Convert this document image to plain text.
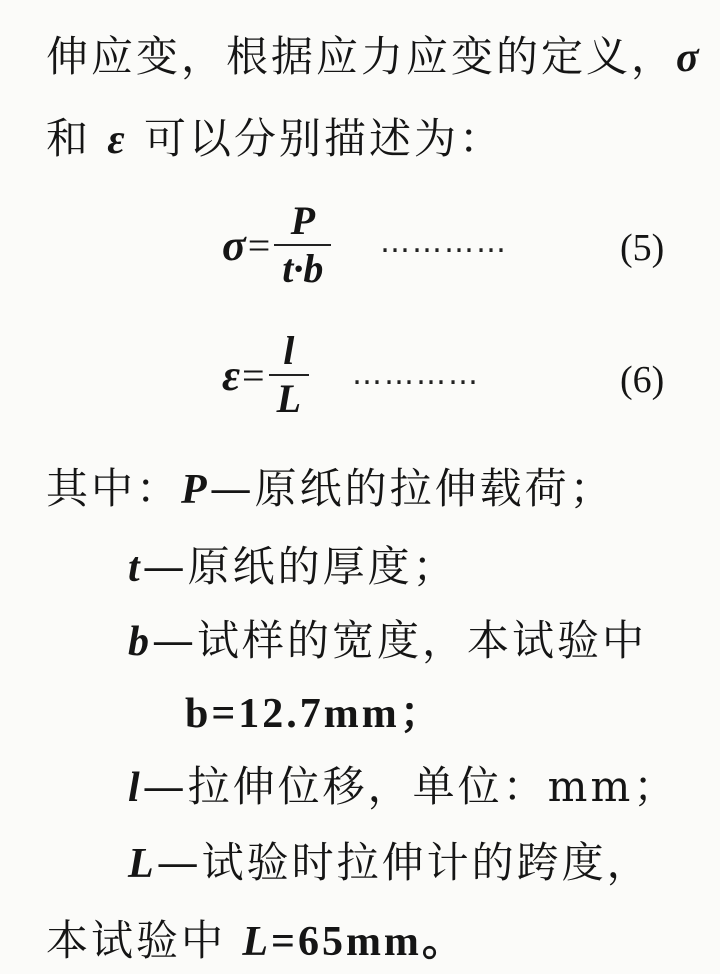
伸应变，根据应力应变的定义，σ
和 ε 可以分别描述为：
$\sigma = \frac{P}{t\cdot b}$ …………	(5)
$\varepsilon = \frac{l}{L}$ …………	(6)
其中：P—原纸的拉伸载荷；
t—原纸的厚度；
b—试样的宽度，本试验中
b=12.7mm；
l—拉伸位移，单位：mm；
L—试验时拉伸计的跨度，
本试验中 L=65mm。
